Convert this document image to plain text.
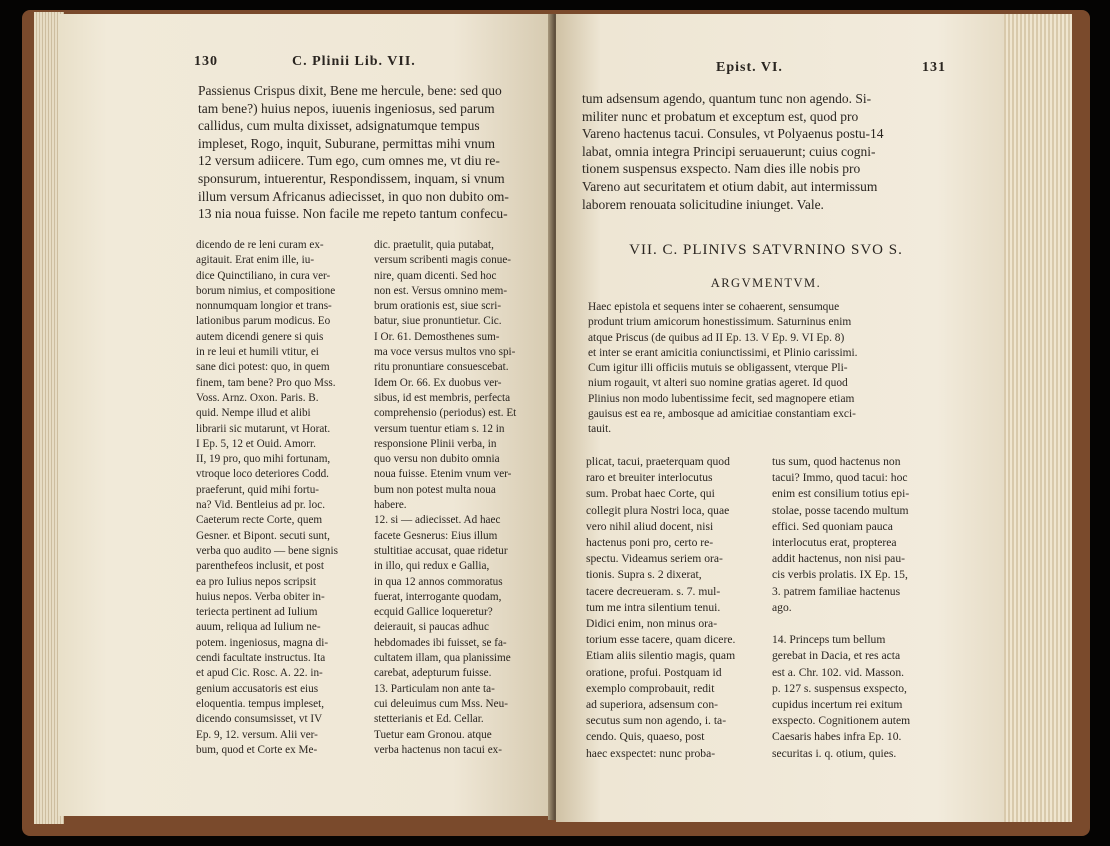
130	C. Plinii Lib. VII.
Passienus Crispus dixit, Bene me hercule, bene: sed quo
tam bene?) huius nepos, iuuenis ingeniosus, sed parum
callidus, cum multa dixisset, adsignatumque tempus
impleset, Rogo, inquit, Suburane, permittas mihi vnum
12 versum adiicere. Tum ego, cum omnes me, vt diu re-
sponsurum, intuerentur, Respondissem, inquam, si vnum
illum versum Africanus adiecisset, in quo non dubito om-
13 nia noua fuisse. Non facile me repeto tantum confecu-
dicendo de re leni curam ex-
agitauit. Erat enim ille, iu-
dice Quinctiliano, in cura ver-
borum nimius, et compositione
nonnumquam longior et trans-
lationibus parum modicus. Eo
autem dicendi genere si quis
in re leui et humili vtitur, ei
sane dici potest: quo, in quem
finem, tam bene? Pro quo Mss.
Voss. Arnz. Oxon. Paris. B.
quid. Nempe illud et alibi
librarii sic mutarunt, vt Horat.
I Ep. 5, 12 et Ouid. Amorr.
II, 19 pro, quo mihi fortunam,
vtroque loco deteriores Codd.
praeferunt, quid mihi fortu-
na? Vid. Bentleius ad pr. loc.
Caeterum recte Corte, quem
Gesner. et Bipont. secuti sunt,
verba quo audito — bene signis
parenthefeos inclusit, et post
ea pro Iulius nepos scripsit
huius nepos. Verba obiter in-
teriecta pertinent ad Iulium
auum, reliqua ad Iulium ne-
potem. ingeniosus, magna di-
cendi facultate instructus. Ita
et apud Cic. Rosc. A. 22. in-
genium accusatoris est eius
eloquentia. tempus impleset,
dicendo consumsisset, vt IV
Ep. 9, 12. versum. Alii ver-
bum, quod et Corte ex Me-
dic. praetulit, quia putabat,
versum scribenti magis conue-
nire, quam dicenti. Sed hoc
non est. Versus omnino mem-
brum orationis est, siue scri-
batur, siue pronuntietur. Cic.
I Or. 61. Demosthenes sum-
ma voce versus multos vno spi-
ritu pronuntiare consuescebat.
Idem Or. 66. Ex duobus ver-
sibus, id est membris, perfecta
comprehensio (periodus) est. Et
versum tuentur etiam s. 12 in
responsione Plinii verba, in
quo versu non dubito omnia
noua fuisse. Etenim vnum ver-
bum non potest multa noua
habere.
12. si — adiecisset. Ad haec
facete Gesnerus: Eius illum
stultitiae accusat, quae ridetur
in illo, qui redux e Gallia,
in qua 12 annos commoratus
fuerat, interrogante quodam,
ecquid Gallice loqueretur?
deierauit, si paucas adhuc
hebdomades ibi fuisset, se fa-
cultatem illam, qua planissime
carebat, adepturum fuisse.
13. Particulam non ante ta-
cui deleuimus cum Mss. Neu-
stetterianis et Ed. Cellar.
Tuetur eam Gronou. atque
verba hactenus non tacui ex-
Epist. VI.	131
tum adsensum agendo, quantum tunc non agendo. Si-
militer nunc et probatum et exceptum est, quod pro
Vareno hactenus tacui. Consules, vt Polyaenus postu-14
labat, omnia integra Principi seruauerunt; cuius cogni-
tionem suspensus exspecto. Nam dies ille nobis pro
Vareno aut securitatem et otium dabit, aut intermissum
laborem renouata solicitudine iniunget. Vale.
VII. C. PLINIVS SATVRNINO SVO S.
ARGVMENTVM.
Haec epistola et sequens inter se cohaerent, sensumque
produnt trium amicorum honestissimum. Saturninus enim
atque Priscus (de quibus ad II Ep. 13. V Ep. 9. VI Ep. 8)
et inter se erant amicitia coniunctissimi, et Plinio carissimi.
Cum igitur illi officiis mutuis se obligassent, vterque Pli-
nium rogauit, vt alteri suo nomine gratias ageret. Id quod
Plinius non modo lubentissime fecit, sed magnopere etiam
gauisus est ea re, ambosque ad amicitiae constantiam exci-
tauit.
plicat, tacui, praeterquam quod
raro et breuiter interlocutus
sum. Probat haec Corte, qui
collegit plura Nostri loca, quae
vero nihil aliud docent, nisi
hactenus poni pro, certo re-
spectu. Videamus seriem ora-
tionis. Supra s. 2 dixerat,
tacere decreueram. s. 7. mul-
tum me intra silentium tenui.
Didici enim, non minus ora-
torium esse tacere, quam dicere.
Etiam aliis silentio magis, quam
oratione, profui. Postquam id
exemplo comprobauit, redit
ad superiora, adsensum con-
secutus sum non agendo, i. ta-
cendo. Quis, quaeso, post
haec exspectet: nunc proba-
tus sum, quod hactenus non
tacui? Immo, quod tacui: hoc
enim est consilium totius epi-
stolae, posse tacendo multum
effici. Sed quoniam pauca
interlocutus erat, propterea
addit hactenus, non nisi pau-
cis verbis prolatis. IX Ep. 15,
3. patrem familiae hactenus
ago.

14. Princeps tum bellum
gerebat in Dacia, et res acta
est a. Chr. 102. vid. Masson.
p. 127 s. suspensus exspecto,
cupidus incertum rei exitum
exspecto. Cognitionem autem
Caesaris habes infra Ep. 10.
securitas i. q. otium, quies.
